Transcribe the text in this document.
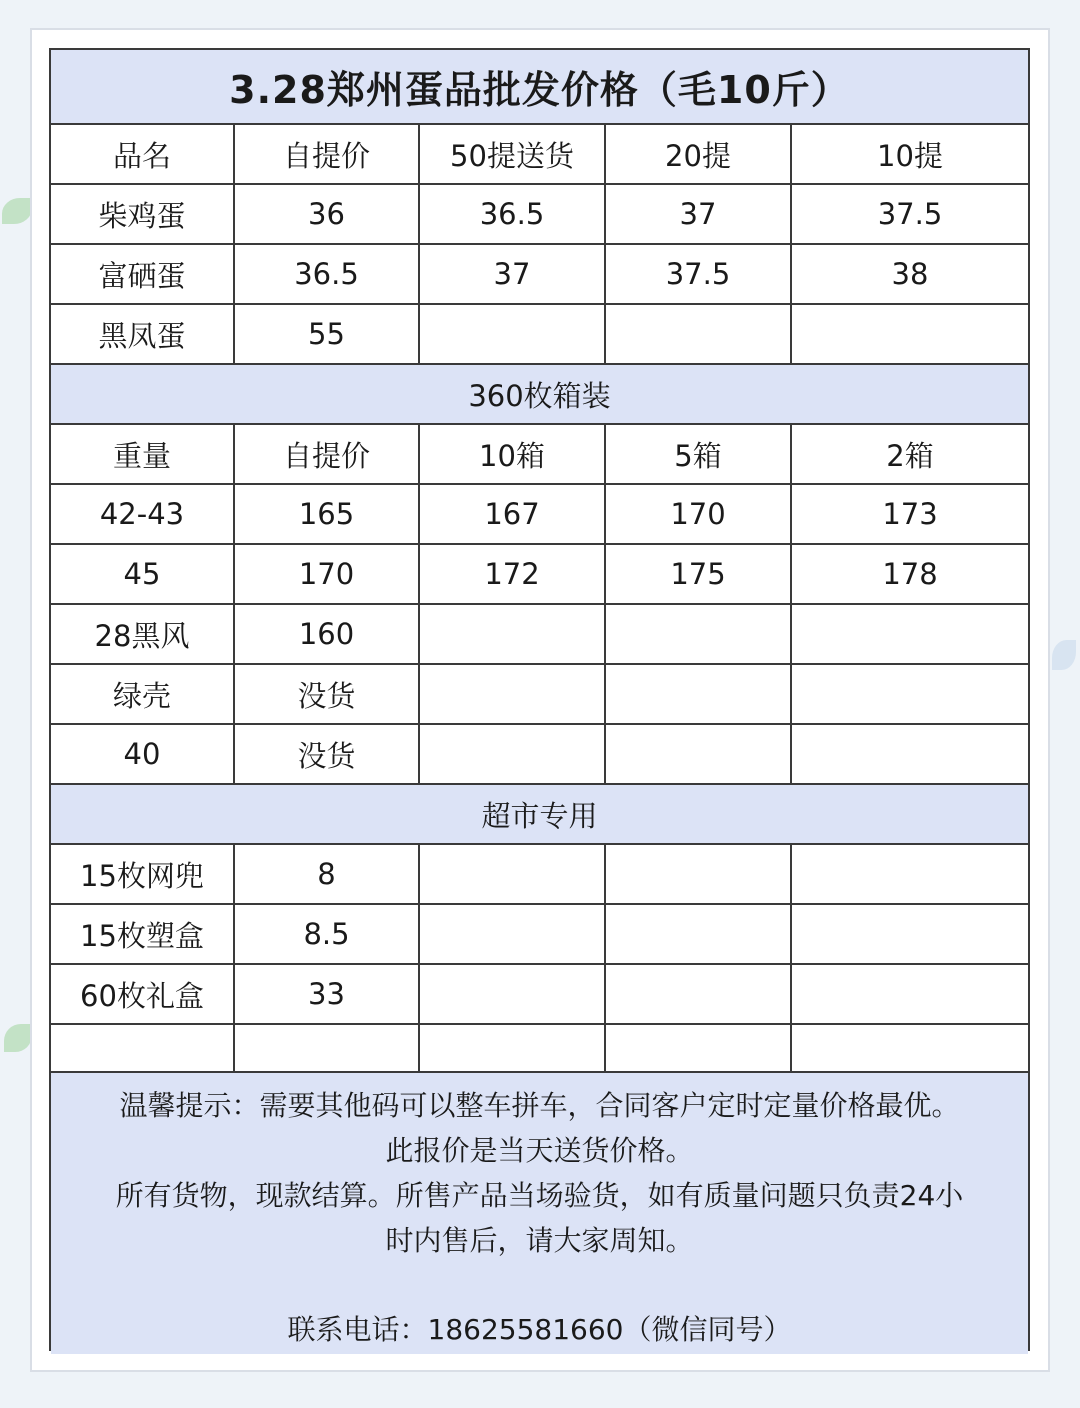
3.28郑州蛋品批发价格（毛10斤）
品名	自提价	50提送货	20提	10提
柴鸡蛋	36	36.5	37	37.5
富硒蛋	36.5	37	37.5	38
黑凤蛋	55
360枚箱装
重量	自提价	10箱	5箱	2箱
42-43	165	167	170	173
45	170	172	175	178
28黑风	160
绿壳	没货
40	没货
超市专用
15枚网兜	8
15枚塑盒	8.5
60枚礼盒	33

温馨提示：需要其他码可以整车拼车，合同客户定时定量价格最优。

此报价是当天送货价格。

所有货物，现款结算。所售产品当场验货，如有质量问题只负责24小

时内售后，请大家周知。

联系电话：18625581660（微信同号）
